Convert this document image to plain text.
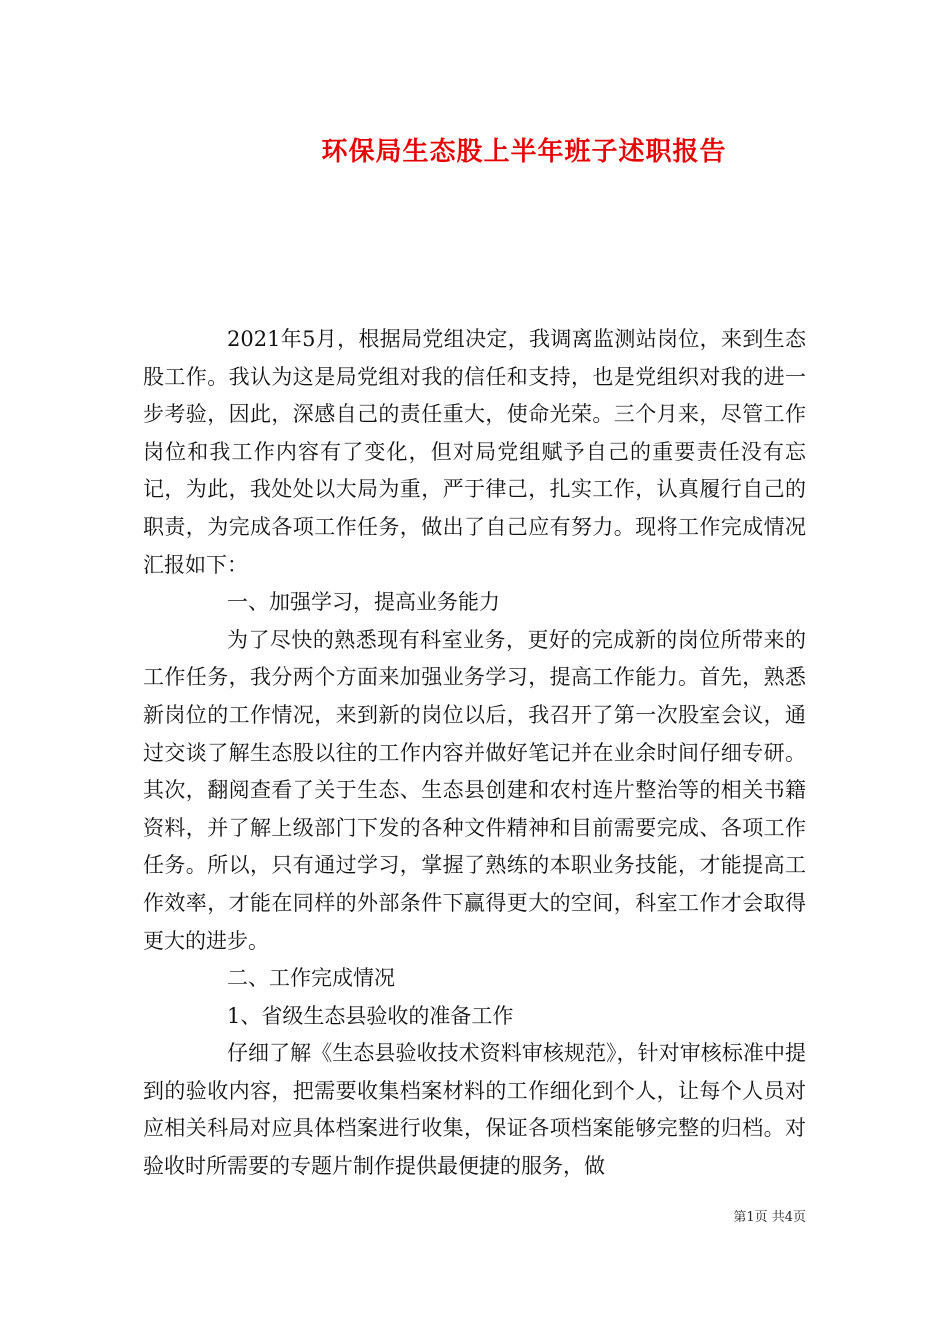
环保局生态股上半年班子述职报告

2021年5月，根据局党组决定，我调离监测站岗位，来到生态股工作。我认为这是局党组对我的信任和支持，也是党组织对我的进一步考验，因此，深感自己的责任重大，使命光荣。三个月来，尽管工作岗位和我工作内容有了变化，但对局党组赋予自己的重要责任没有忘记，为此，我处处以大局为重，严于律己，扎实工作，认真履行自己的职责，为完成各项工作任务，做出了自己应有努力。现将工作完成情况汇报如下：

一、加强学习，提高业务能力

为了尽快的熟悉现有科室业务，更好的完成新的岗位所带来的工作任务，我分两个方面来加强业务学习，提高工作能力。首先，熟悉新岗位的工作情况，来到新的岗位以后，我召开了第一次股室会议，通过交谈了解生态股以往的工作内容并做好笔记并在业余时间仔细专研。其次，翻阅查看了关于生态、生态县创建和农村连片整治等的相关书籍资料，并了解上级部门下发的各种文件精神和目前需要完成、各项工作任务。所以，只有通过学习，掌握了熟练的本职业务技能，才能提高工作效率，才能在同样的外部条件下赢得更大的空间，科室工作才会取得更大的进步。

二、工作完成情况

1、省级生态县验收的准备工作

仔细了解《生态县验收技术资料审核规范》，针对审核标准中提到的验收内容，把需要收集档案材料的工作细化到个人，让每个人员对应相关科局对应具体档案进行收集，保证各项档案能够完整的归档。对验收时所需要的专题片制作提供最便捷的服务，做

第1页 共4页
